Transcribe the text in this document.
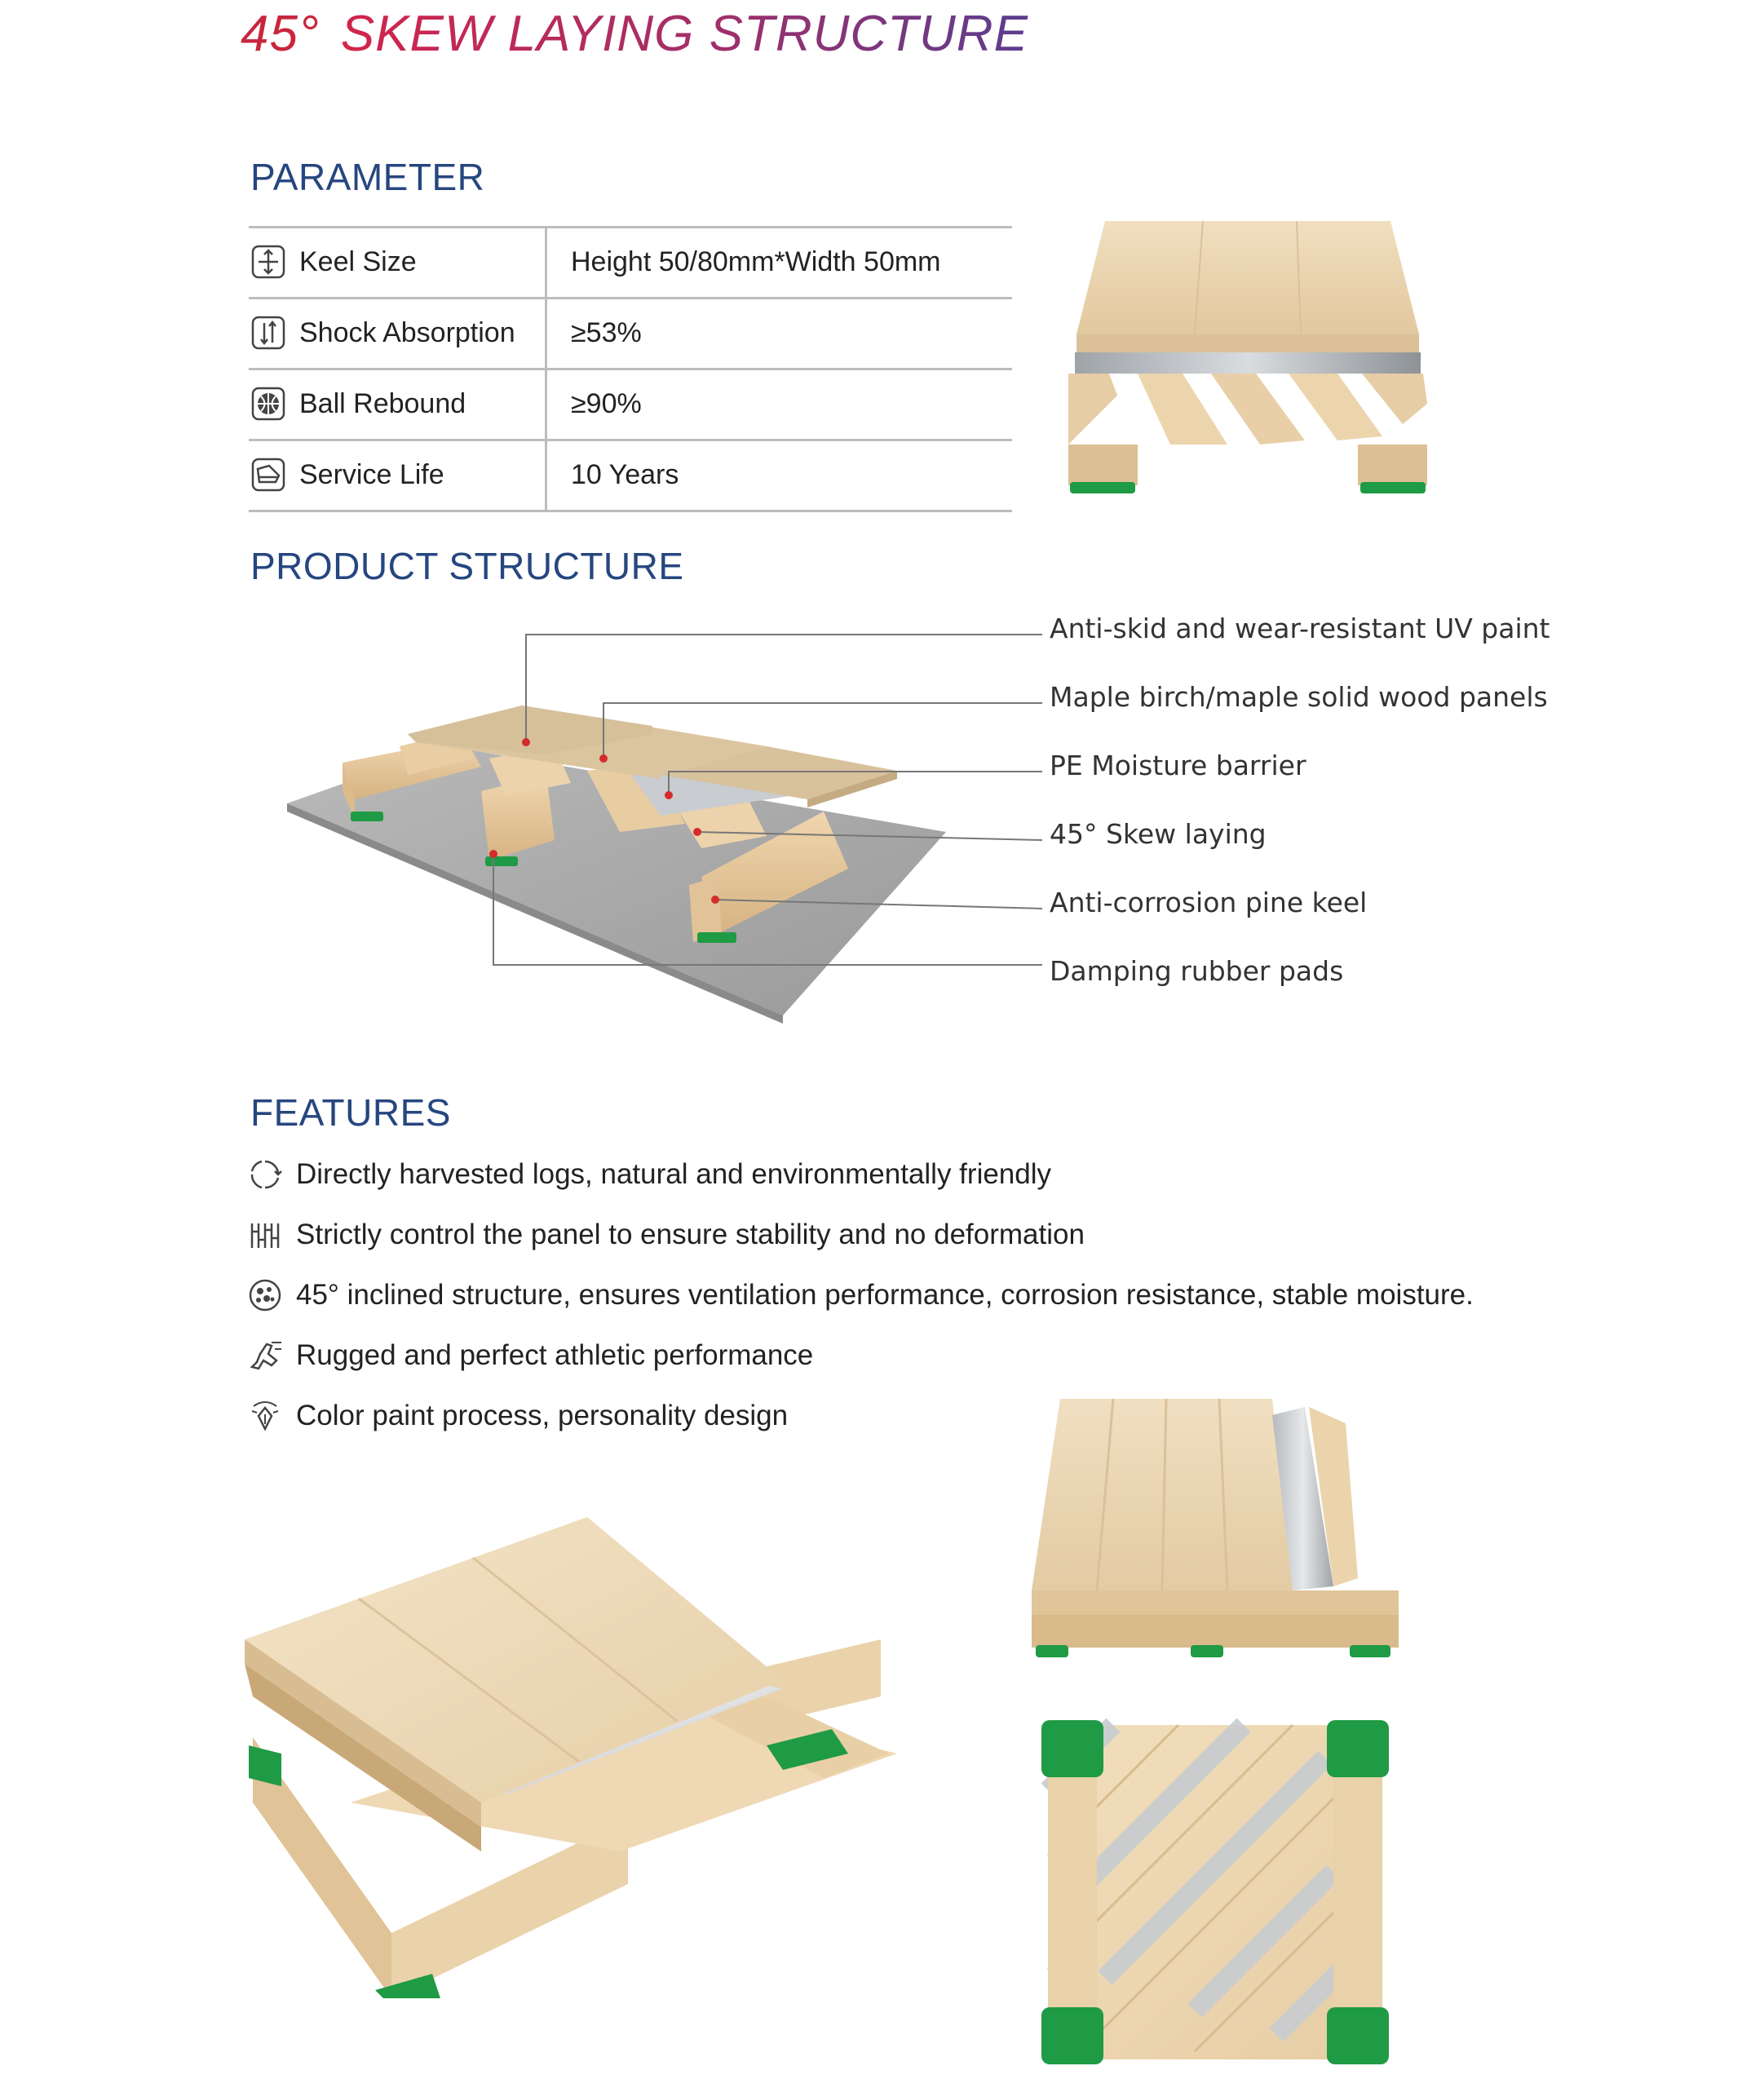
45° SKEW LAYING STRUCTURE
PARAMETER
Keel Size	Height 50/80mm*Width 50mm
Shock Absorption ≥53%
Ball Rebound	≥90%
Service Life	10 Years
PRODUCT STRUCTURE
Anti-skid and wear-resistant UV paint
Maple birch/maple solid wood panels
PE Moisture barrier
45° Skew laying
Anti-corrosion pine keel
Damping rubber pads
FEATURES
Directly harvested logs, natural and environmentally friendly
Strictly control the panel to ensure stability and no deformation
45° inclined structure, ensures ventilation performance, corrosion resistance, stable moisture.
Rugged and perfect athletic performance
Color paint process, personality design
